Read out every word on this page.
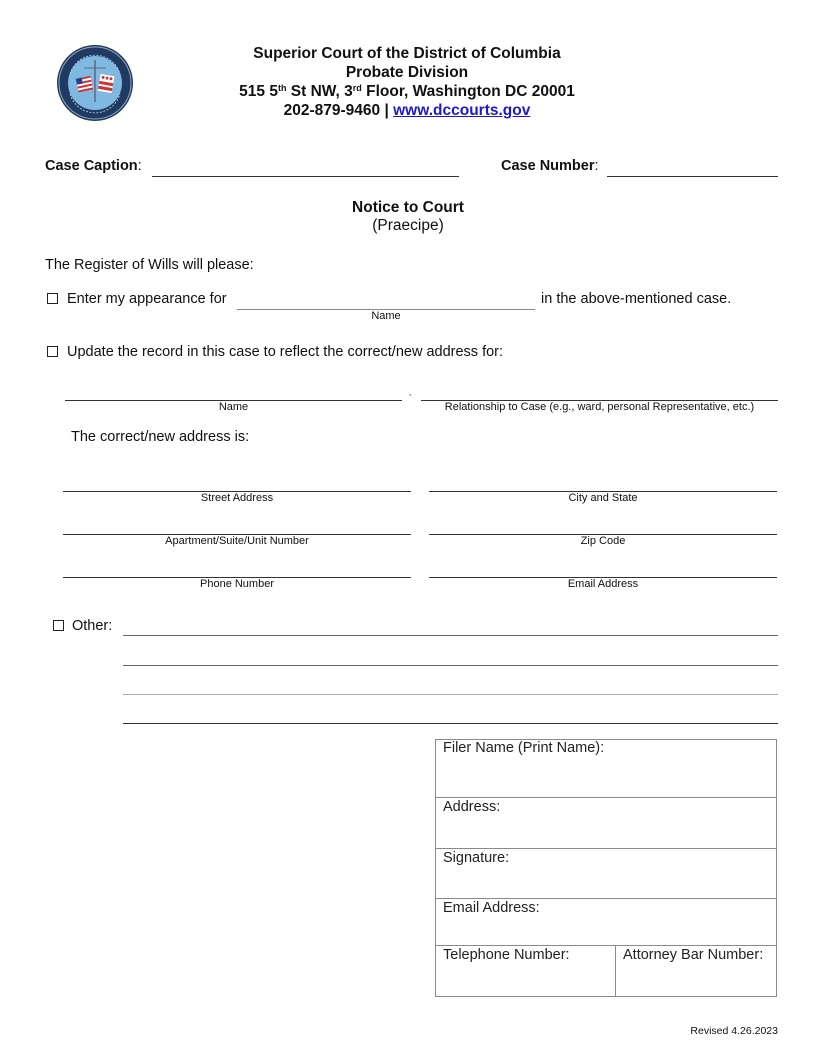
Superior Court of the District of Columbia
Probate Division
515 5th St NW, 3rd Floor, Washington DC 20001
202-879-9460 | www.dccourts.gov
Case Caption:	Case Number:
Notice to Court
(Praecipe)
The Register of Wills will please:
Enter my appearance for
Name
in the above-mentioned case.
Update the record in this case to reflect the correct/new address for:
Name
,
Relationship to Case (e.g., ward, personal Representative, etc.)
The correct/new address is:
Street Address	City and State
Apartment/Suite/Unit Number	Zip Code
Phone Number	Email Address
Other:
Filer Name (Print Name):
Address:
Signature:
Email Address:
Telephone Number:	Attorney Bar Number:
Revised 4.26.2023
